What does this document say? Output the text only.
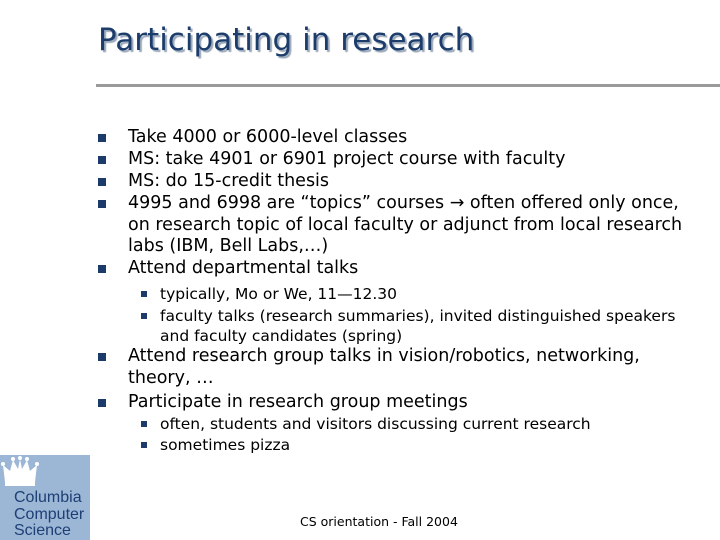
Participating in research
Take 4000 or 6000-level classes
MS: take 4901 or 6901 project course with faculty
MS: do 15-credit thesis
4995 and 6998 are “topics” courses → often offered only once,
on research topic of local faculty or adjunct from local research
labs (IBM, Bell Labs,…)
Attend departmental talks
typically, Mo or We, 11—12.30
faculty talks (research summaries), invited distinguished speakers
and faculty candidates (spring)
Attend research group talks in vision/robotics, networking,
theory, …
Participate in research group meetings
often, students and visitors discussing current research
sometimes pizza
Columbia
Computer
Science
CS orientation - Fall 2004
